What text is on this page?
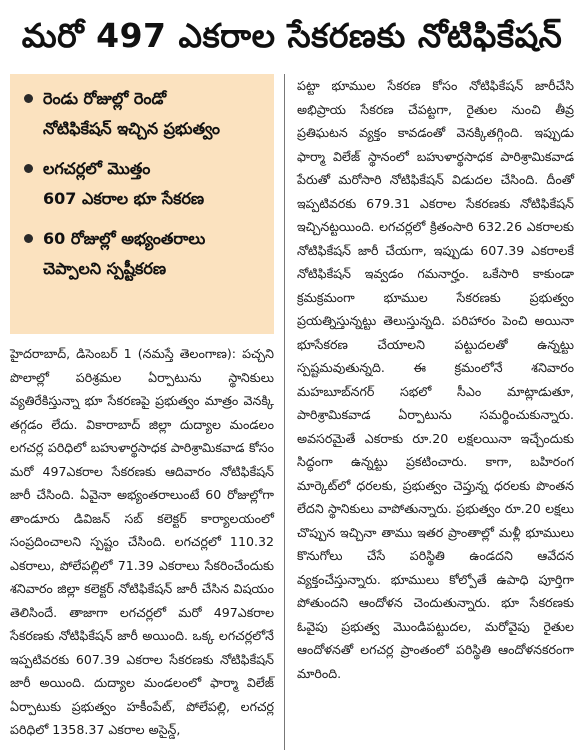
మరో 497 ఎకరాల సేకరణకు నోటిఫికేషన్
రెండు రోజుల్లో రెండో
నోటిఫికేషన్ ఇచ్చిన ప్రభుత్వం
లగచర్లలో మొత్తం
607 ఎకరాల భూ సేకరణ
60 రోజుల్లో అభ్యంతరాలు
చెప్పాలని స్పష్టీకరణ

హైదరాబాద్, డిసెంబర్ 1 (నమస్తే తెలంగాణ): పచ్చని పొలాల్లో పరిశ్రమల ఏర్పాటును స్థానికులు వ్యతిరేకిస్తున్నా భూ సేకరణపై ప్రభుత్వం మాత్రం వెనక్కి తగ్గడం లేదు. వికారాబాద్ జిల్లా దుద్యాల మండలం లగచర్ల పరిధిలో బహుళార్థసాధక పారిశ్రామికవాడ కోసం మరో 497ఎకరాల సేకరణకు ఆదివారం నోటిఫికేషన్ జారీ చేసింది. ఏవైనా అభ్యంతరాలుంటే 60 రోజుల్లోగా తాండూరు డివిజన్ సబ్ కలెక్టర్ కార్యాలయంలో సంప్రదించాలని స్పష్టం చేసింది. లగచర్లలో 110.32 ఎకరాలు, పోలేపల్లిలో 71.39 ఎకరాలు సేకరించేందుకు శనివారం జిల్లా కలెక్టర్ నోటిఫికేషన్ జారీ చేసిన విషయం తెలిసిందే. తాజాగా లగచర్లలో మరో 497ఎకరాల సేకరణకు నోటిఫికేషన్ జారీ అయింది. ఒక్క లగచర్లలోనే ఇప్పటివరకు 607.39 ఎకరాల సేకరణకు నోటిఫికేషన్ జారీ అయింది. దుద్యాల మండలంలో ఫార్మా విలేజ్ ఏర్పాటుకు ప్రభుత్వం హకీంపేట్, పోలేపల్లి, లగచర్ల పరిధిలో 1358.37 ఎకరాల అసైన్డ్,

పట్టా భూముల సేకరణ కోసం నోటిఫికేషన్ జారీచేసి అభిప్రాయ సేకరణ చేపట్టగా, రైతుల నుంచి తీవ్ర ప్రతిఘటన వ్యక్తం కావడంతో వెనక్కితగ్గింది. ఇప్పుడు ఫార్మా విలేజ్ స్థానంలో బహుళార్థసాధక పారిశ్రామికవాడ పేరుతో మరోసారి నోటిఫికేషన్ విడుదల చేసింది. దీంతో ఇప్పటివరకు 679.31 ఎకరాల సేకరణకు నోటిఫికేషన్ ఇచ్చినట్టయింది. లగచర్లలో క్రితంసారి 632.26 ఎకరాలకు నోటిఫికేషన్ జారీ చేయగా, ఇప్పుడు 607.39 ఎకరాలకే నోటిఫికేషన్ ఇవ్వడం గమనార్హం. ఒకేసారి కాకుండా క్రమక్రమంగా భూముల సేకరణకు ప్రభుత్వం ప్రయత్నిస్తున్నట్టు తెలుస్తున్నది. పరిహారం పెంచి అయినా భూసేకరణ చేయాలని పట్టుదలతో ఉన్నట్టు స్పష్టమవుతున్నది. ఈ క్రమంలోనే శనివారం మహబూబ్‌నగర్ సభలో సీఎం మాట్లాడుతూ, పారిశ్రామికవాడ ఏర్పాటును సమర్థించుకున్నారు. అవసరమైతే ఎకరాకు రూ.20 లక్షలయినా ఇచ్చేందుకు సిద్ధంగా ఉన్నట్టు ప్రకటించారు. కాగా, బహిరంగ మార్కెట్‌లో ధరలకు, ప్రభుత్వం చెప్తున్న ధరలకు పొంతన లేదని స్థానికులు వాపోతున్నారు. ప్రభుత్వం రూ.20 లక్షలు చొప్పున ఇచ్చినా తాము ఇతర ప్రాంతాల్లో మళ్లీ భూములు కొనుగోలు చేసే పరిస్థితి ఉండదని ఆవేదన వ్యక్తంచేస్తున్నారు. భూములు కోల్పోతే ఉపాధి పూర్తిగా పోతుందని ఆందోళన చెందుతున్నారు. భూ సేకరణకు ఓవైపు ప్రభుత్వ మొండిపట్టుదల, మరోవైపు రైతుల ఆందోళనతో లగచర్ల ప్రాంతంలో పరిస్థితి ఆందోళనకరంగా మారింది.
